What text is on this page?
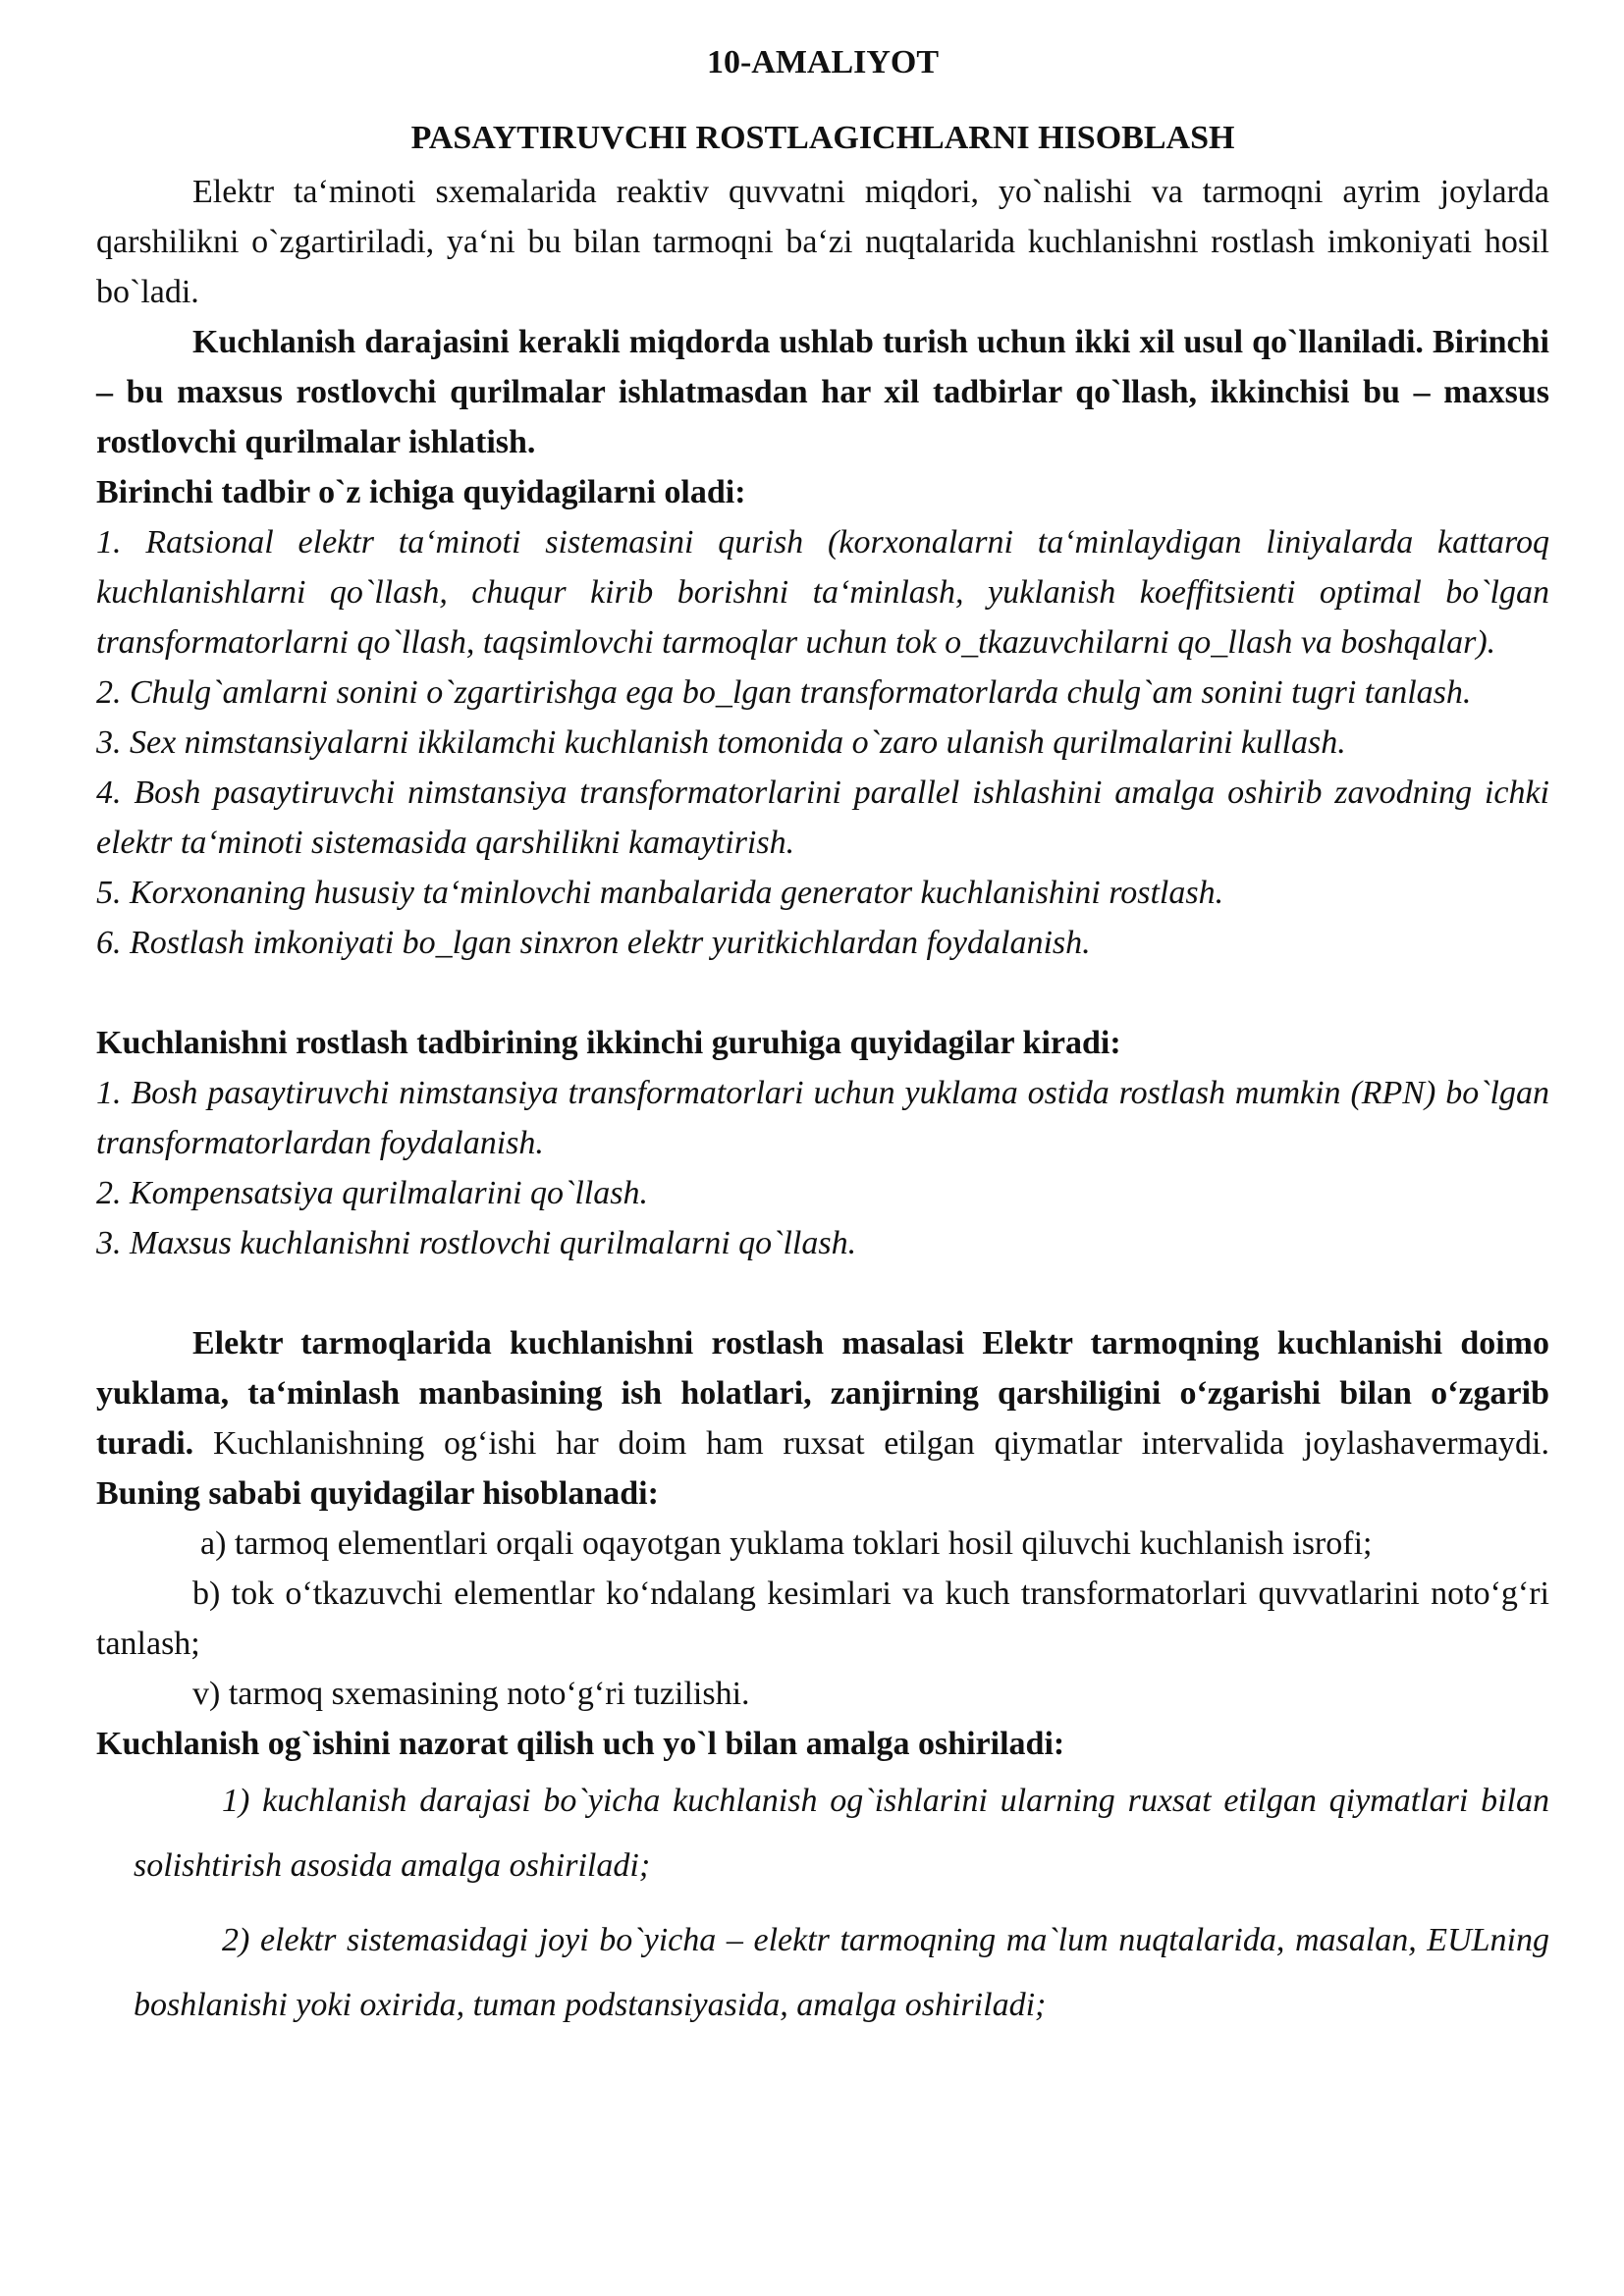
10-AMALIYOT

PASAYTIRUVCHI ROSTLAGICHLARNI HISOBLASH

Elektr ta‘minoti sxemalarida reaktiv quvvatni miqdori, yo`nalishi va tarmoqni ayrim joylarda qarshilikni o`zgartiriladi, ya‘ni bu bilan tarmoqni ba‘zi nuqtalarida kuchlanishni rostlash imkoniyati hosil bo`ladi.

Kuchlanish darajasini kerakli miqdorda ushlab turish uchun ikki xil usul qo`llaniladi. Birinchi – bu maxsus rostlovchi qurilmalar ishlatmasdan har xil tadbirlar qo`llash, ikkinchisi bu – maxsus rostlovchi qurilmalar ishlatish.

Birinchi tadbir o`z ichiga quyidagilarni oladi:

1. Ratsional elektr ta‘minoti sistemasini qurish (korxonalarni ta‘minlaydigan liniyalarda kattaroq kuchlanishlarni qo`llash, chuqur kirib borishni ta‘minlash, yuklanish koeffitsienti optimal bo`lgan transformatorlarni qo`llash, taqsimlovchi tarmoqlar uchun tok o_tkazuvchilarni qo_llash va boshqalar).

2. Chulg`amlarni sonini o`zgartirishga ega bo_lgan transformatorlarda chulg`am sonini tugri tanlash.

3. Sex nimstansiyalarni ikkilamchi kuchlanish tomonida o`zaro ulanish qurilmalarini kullash.

4. Bosh pasaytiruvchi nimstansiya transformatorlarini parallel ishlashini amalga oshirib zavodning ichki elektr ta‘minoti sistemasida qarshilikni kamaytirish.

5. Korxonaning hususiy ta‘minlovchi manbalarida generator kuchlanishini rostlash.

6. Rostlash imkoniyati bo_lgan sinxron elektr yuritkichlardan foydalanish.

Kuchlanishni rostlash tadbirining ikkinchi guruhiga quyidagilar kiradi:

1. Bosh pasaytiruvchi nimstansiya transformatorlari uchun yuklama ostida rostlash mumkin (RPN) bo`lgan transformatorlardan foydalanish.

2. Kompensatsiya qurilmalarini qo`llash.

3. Maxsus kuchlanishni rostlovchi qurilmalarni qo`llash.

Elektr tarmoqlarida kuchlanishni rostlash masalasi Elektr tarmoqning kuchlanishi doimo yuklama, ta‘minlash manbasining ish holatlari, zanjirning qarshiligini o‘zgarishi bilan o‘zgarib turadi. Kuchlanishning og‘ishi har doim ham ruxsat etilgan qiymatlar intervalida joylashavermaydi. Buning sababi quyidagilar hisoblanadi:

a) tarmoq elementlari orqali oqayotgan yuklama toklari hosil qiluvchi kuchlanish isrofi;

b) tok o‘tkazuvchi elementlar ko‘ndalang kesimlari va kuch transformatorlari quvvatlarini noto‘g‘ri tanlash;

v) tarmoq sxemasining noto‘g‘ri tuzilishi.

Kuchlanish og`ishini nazorat qilish uch yo`l bilan amalga oshiriladi:

1) kuchlanish darajasi bo`yicha kuchlanish og`ishlarini ularning ruxsat etilgan qiymatlari bilan solishtirish asosida amalga oshiriladi;

2) elektr sistemasidagi joyi bo`yicha – elektr tarmoqning ma`lum nuqtalarida, masalan, EULning boshlanishi yoki oxirida, tuman podstansiyasida, amalga oshiriladi;
